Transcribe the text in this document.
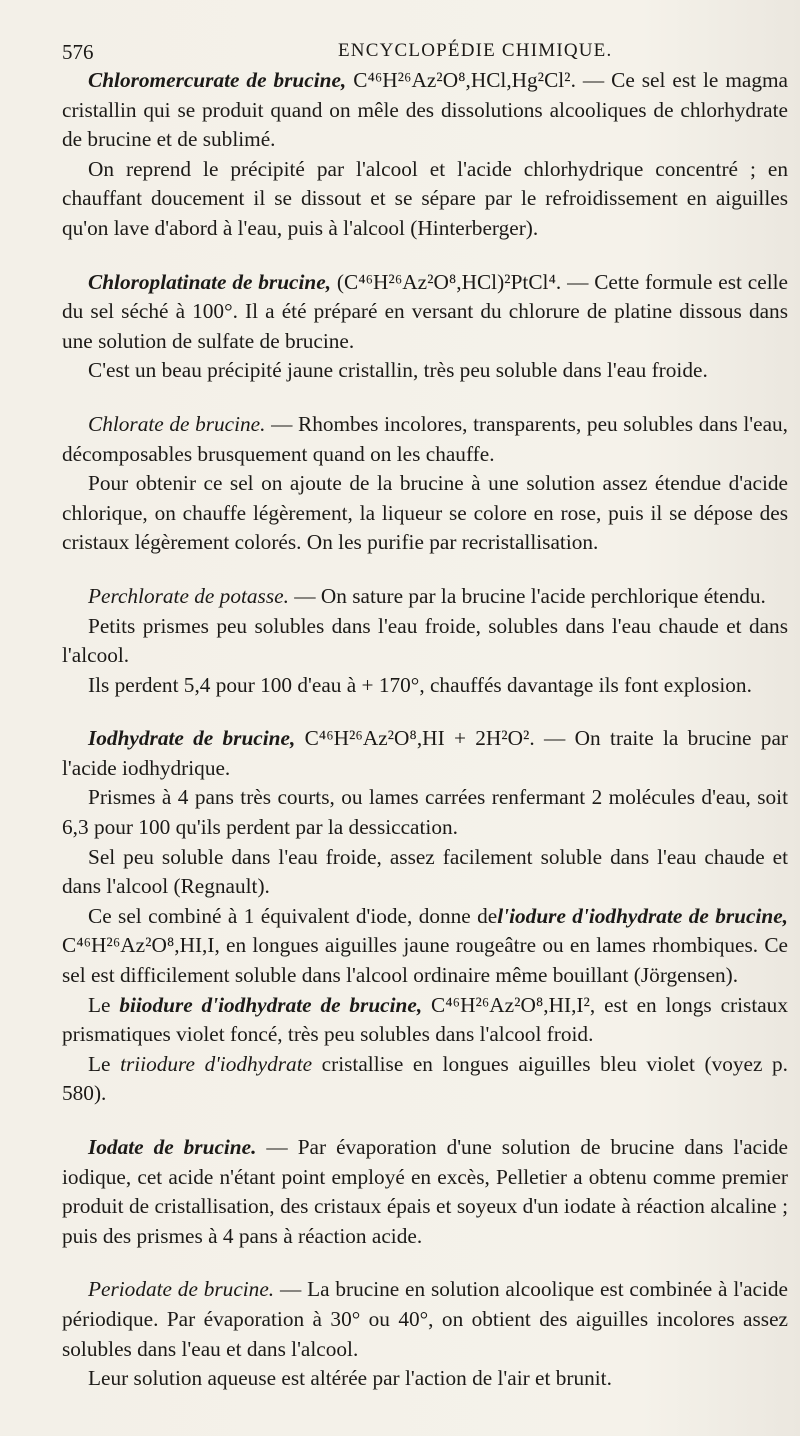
576	ENCYCLOPÉDIE CHIMIQUE.

Chloromercurate de brucine, C⁴⁶H²⁶Az²O⁸,HCl,Hg²Cl². — Ce sel est le magma cristallin qui se produit quand on mêle des dissolutions alcooliques de chlorhydrate de brucine et de sublimé.

On reprend le précipité par l'alcool et l'acide chlorhydrique concentré ; en chauffant doucement il se dissout et se sépare par le refroidissement en aiguilles qu'on lave d'abord à l'eau, puis à l'alcool (Hinterberger).

Chloroplatinate de brucine, (C⁴⁶H²⁶Az²O⁸,HCl)²PtCl⁴. — Cette formule est celle du sel séché à 100°. Il a été préparé en versant du chlorure de platine dissous dans une solution de sulfate de brucine.

C'est un beau précipité jaune cristallin, très peu soluble dans l'eau froide.

Chlorate de brucine. — Rhombes incolores, transparents, peu solubles dans l'eau, décomposables brusquement quand on les chauffe.

Pour obtenir ce sel on ajoute de la brucine à une solution assez étendue d'acide chlorique, on chauffe légèrement, la liqueur se colore en rose, puis il se dépose des cristaux légèrement colorés. On les purifie par recristallisation.

Perchlorate de potasse. — On sature par la brucine l'acide perchlorique étendu.

Petits prismes peu solubles dans l'eau froide, solubles dans l'eau chaude et dans l'alcool.

Ils perdent 5,4 pour 100 d'eau à + 170°, chauffés davantage ils font explosion.

Iodhydrate de brucine, C⁴⁶H²⁶Az²O⁸,HI + 2H²O². — On traite la brucine par l'acide iodhydrique.

Prismes à 4 pans très courts, ou lames carrées renfermant 2 molécules d'eau, soit 6,3 pour 100 qu'ils perdent par la dessiccation.

Sel peu soluble dans l'eau froide, assez facilement soluble dans l'eau chaude et dans l'alcool (Regnault).

Ce sel combiné à 1 équivalent d'iode, donne del'iodure d'iodhydrate de brucine, C⁴⁶H²⁶Az²O⁸,HI,I, en longues aiguilles jaune rougeâtre ou en lames rhombiques. Ce sel est difficilement soluble dans l'alcool ordinaire même bouillant (Jörgensen).

Le biiodure d'iodhydrate de brucine, C⁴⁶H²⁶Az²O⁸,HI,I², est en longs cristaux prismatiques violet foncé, très peu solubles dans l'alcool froid.

Le triiodure d'iodhydrate cristallise en longues aiguilles bleu violet (voyez p. 580).

Iodate de brucine. — Par évaporation d'une solution de brucine dans l'acide iodique, cet acide n'étant point employé en excès, Pelletier a obtenu comme premier produit de cristallisation, des cristaux épais et soyeux d'un iodate à réaction alcaline ; puis des prismes à 4 pans à réaction acide.

Periodate de brucine. — La brucine en solution alcoolique est combinée à l'acide périodique. Par évaporation à 30° ou 40°, on obtient des aiguilles incolores assez solubles dans l'eau et dans l'alcool.

Leur solution aqueuse est altérée par l'action de l'air et brunit.
